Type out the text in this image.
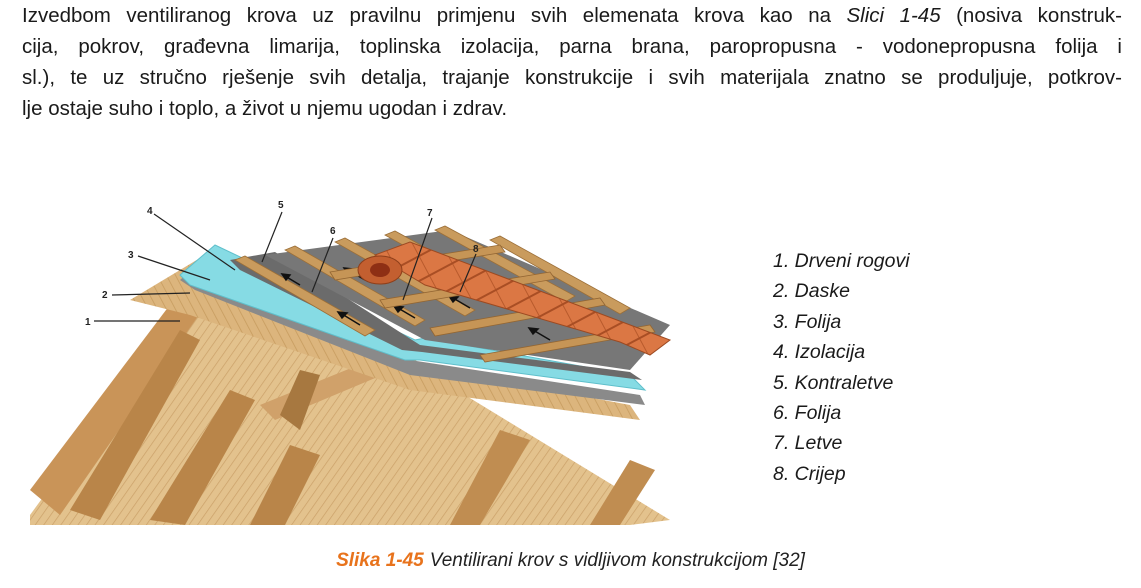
Izvedbom ventiliranog krova uz pravilnu primjenu svih elemenata krova kao na Slici 1-45 (nosiva konstruk-
cija, pokrov, građevna limarija, toplinska izolacija, parna brana, paropropusna - vodonepropusna folija i
sl.), te uz stručno rješenje svih detalja, trajanje konstrukcije i svih materijala znatno se produljuje, potkrov-
lje ostaje suho i toplo, a život u njemu ugodan i zdrav.
1
2
3
4
5
6
7
8
1. Drveni rogovi
2. Daske
3. Folija
4. Izolacija
5. Kontraletve
6. Folija
7. Letve
8. Crijep
Slika 1-45 Ventilirani krov s vidljivom konstrukcijom [32]
